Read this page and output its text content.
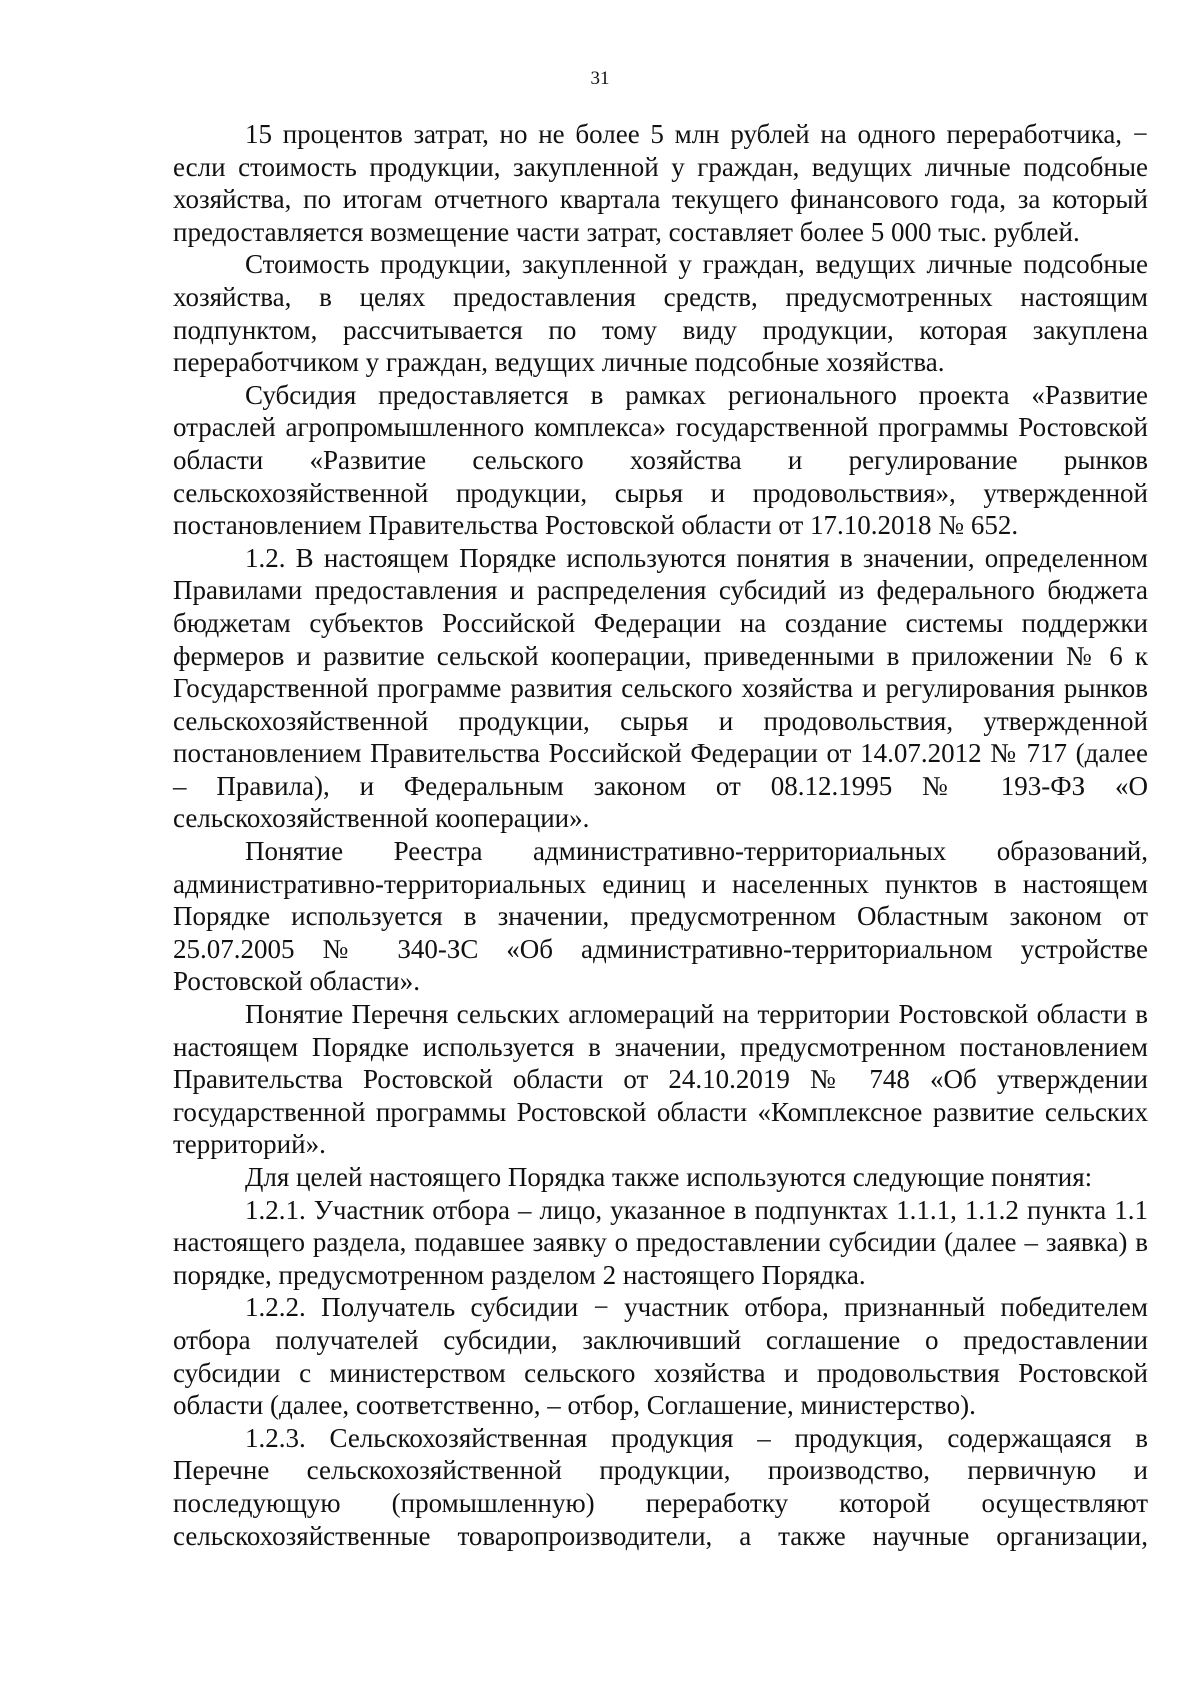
31

15 процентов затрат, но не более 5 млн рублей на одного переработчика, − если стоимость продукции, закупленной у граждан, ведущих личные подсобные хозяйства, по итогам отчетного квартала текущего финансового года, за который предоставляется возмещение части затрат, составляет более 5 000 тыс. рублей.

Стоимость продукции, закупленной у граждан, ведущих личные подсобные хозяйства, в целях предоставления средств, предусмотренных настоящим подпунктом, рассчитывается по тому виду продукции, которая закуплена переработчиком у граждан, ведущих личные подсобные хозяйства.

Субсидия предоставляется в рамках регионального проекта «Развитие отраслей агропромышленного комплекса» государственной программы Ростовской области «Развитие сельского хозяйства и регулирование рынков сельскохозяйственной продукции, сырья и продовольствия», утвержденной постановлением Правительства Ростовской области от 17.10.2018 № 652.

1.2. В настоящем Порядке используются понятия в значении, определенном Правилами предоставления и распределения субсидий из федерального бюджета бюджетам субъектов Российской Федерации на создание системы поддержки фермеров и развитие сельской кооперации, приведенными в приложении № 6 к Государственной программе развития сельского хозяйства и регулирования рынков сельскохозяйственной продукции, сырья и продовольствия, утвержденной постановлением Правительства Российской Федерации от 14.07.2012 № 717 (далее – Правила), и Федеральным законом от 08.12.1995 № 193-ФЗ «О сельскохозяйственной кооперации».

Понятие Реестра административно-территориальных образований, административно-территориальных единиц и населенных пунктов в настоящем Порядке используется в значении, предусмотренном Областным законом от 25.07.2005 № 340-ЗС «Об административно-территориальном устройстве Ростовской области».

Понятие Перечня сельских агломераций на территории Ростовской области в настоящем Порядке используется в значении, предусмотренном постановлением Правительства Ростовской области от 24.10.2019 № 748 «Об утверждении государственной программы Ростовской области «Комплексное развитие сельских территорий».

Для целей настоящего Порядка также используются следующие понятия:

1.2.1. Участник отбора – лицо, указанное в подпунктах 1.1.1, 1.1.2 пункта 1.1 настоящего раздела, подавшее заявку о предоставлении субсидии (далее – заявка) в порядке, предусмотренном разделом 2 настоящего Порядка.

1.2.2. Получатель субсидии − участник отбора, признанный победителем отбора получателей субсидии, заключивший соглашение о предоставлении субсидии с министерством сельского хозяйства и продовольствия Ростовской области (далее, соответственно, – отбор, Соглашение, министерство).

1.2.3. Сельскохозяйственная продукция – продукция, содержащаяся в Перечне сельскохозяйственной продукции, производство, первичную и последующую (промышленную) переработку которой осуществляют сельскохозяйственные товаропроизводители, а также научные организации,
